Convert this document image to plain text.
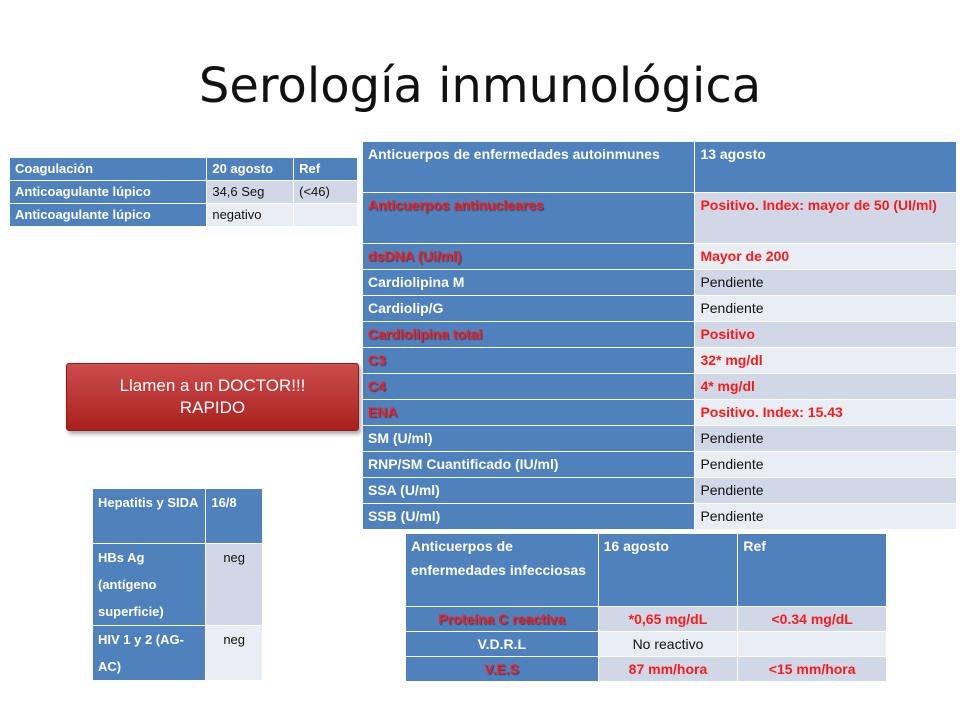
Serología inmunológica
Coagulación	20 agosto	Ref
Anticoagulante lúpico	34,6 Seg	(<46)
Anticoagulante lúpico	negativo	
Anticuerpos de enfermedades autoinmunes	13 agosto
Anticuerpos antinucleares	Positivo. Index: mayor de 50 (UI/ml)
dsDNA (Ui/ml)	Mayor de 200
Cardiolipina M	Pendiente
Cardiolip/G	Pendiente
Cardiolipina total	Positivo
C3	32* mg/dl
C4	4* mg/dl
ENA	Positivo. Index: 15.43
SM (U/ml)	Pendiente
RNP/SM Cuantificado (IU/ml)	Pendiente
SSA (U/ml)	Pendiente
SSB (U/ml)	Pendiente
Llamen a un DOCTOR!!!
RAPIDO
Hepatitis y SIDA	16/8
HBs Ag (antígeno superficie)	neg
HIV 1 y 2 (AG-AC)	neg
Anticuerpos de enfermedades infecciosas	16 agosto	Ref
Proteína C reactiva	*0,65 mg/dL	<0.34 mg/dL
V.D.R.L	No reactivo	
V.E.S	87 mm/hora	<15 mm/hora
